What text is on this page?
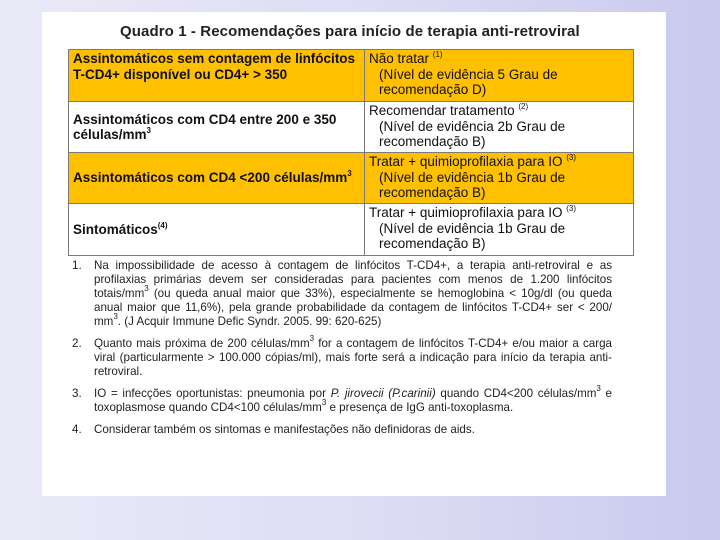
Quadro 1 - Recomendações para início de terapia anti-retroviral
Assintomáticos sem contagem de linfócitos T-CD4+ disponível ou CD4+ > 350	Não tratar $^{(1)}$
(Nível de evidência 5 Grau de recomendação D)

Assintomáticos com CD4 entre 200 e 350 células/$mm^3$	Recomendar tratamento $^{(2)}$
(Nível de evidência 2b Grau de recomendação B)

Assintomáticos com CD4 <200 células/$mm^3$	Tratar + quimioprofilaxia para IO $^{(3)}$
(Nível de evidência 1b Grau de recomendação B)

Sintomáticos$^{(4)}$	Tratar + quimioprofilaxia para IO $^{(3)}$
(Nível de evidência 1b Grau de recomendação B)
1.	Na impossibilidade de acesso à contagem de linfócitos T-CD4+, a terapia anti-retroviral e as profilaxias primárias devem ser consideradas para pacientes com menos de 1.200 linfócitos totais/$mm^3$ (ou queda anual maior que 33%), especialmente se hemoglobina < 10g/dl (ou queda anual maior que 11,6%), pela grande probabilidade da contagem de linfócitos T-CD4+ ser < 200/ $mm^3$. (J Acquir Immune Defic Syndr. 2005. 99: 620-625)
2.	Quanto mais próxima de 200 células/$mm^3$ for a contagem de linfócitos T-CD4+ e/ou maior a carga viral (particularmente > 100.000 cópias/ml), mais forte será a indicação para início da terapia anti-retroviral.
3.	IO = infecções oportunistas: pneumonia por P. jirovecii (P.carinii) quando CD4<200 células/$mm^3$ e toxoplasmose quando CD4<100 células/$mm^3$ e presença de IgG anti-toxoplasma.
4.	Considerar também os sintomas e manifestações não definidoras de aids.
